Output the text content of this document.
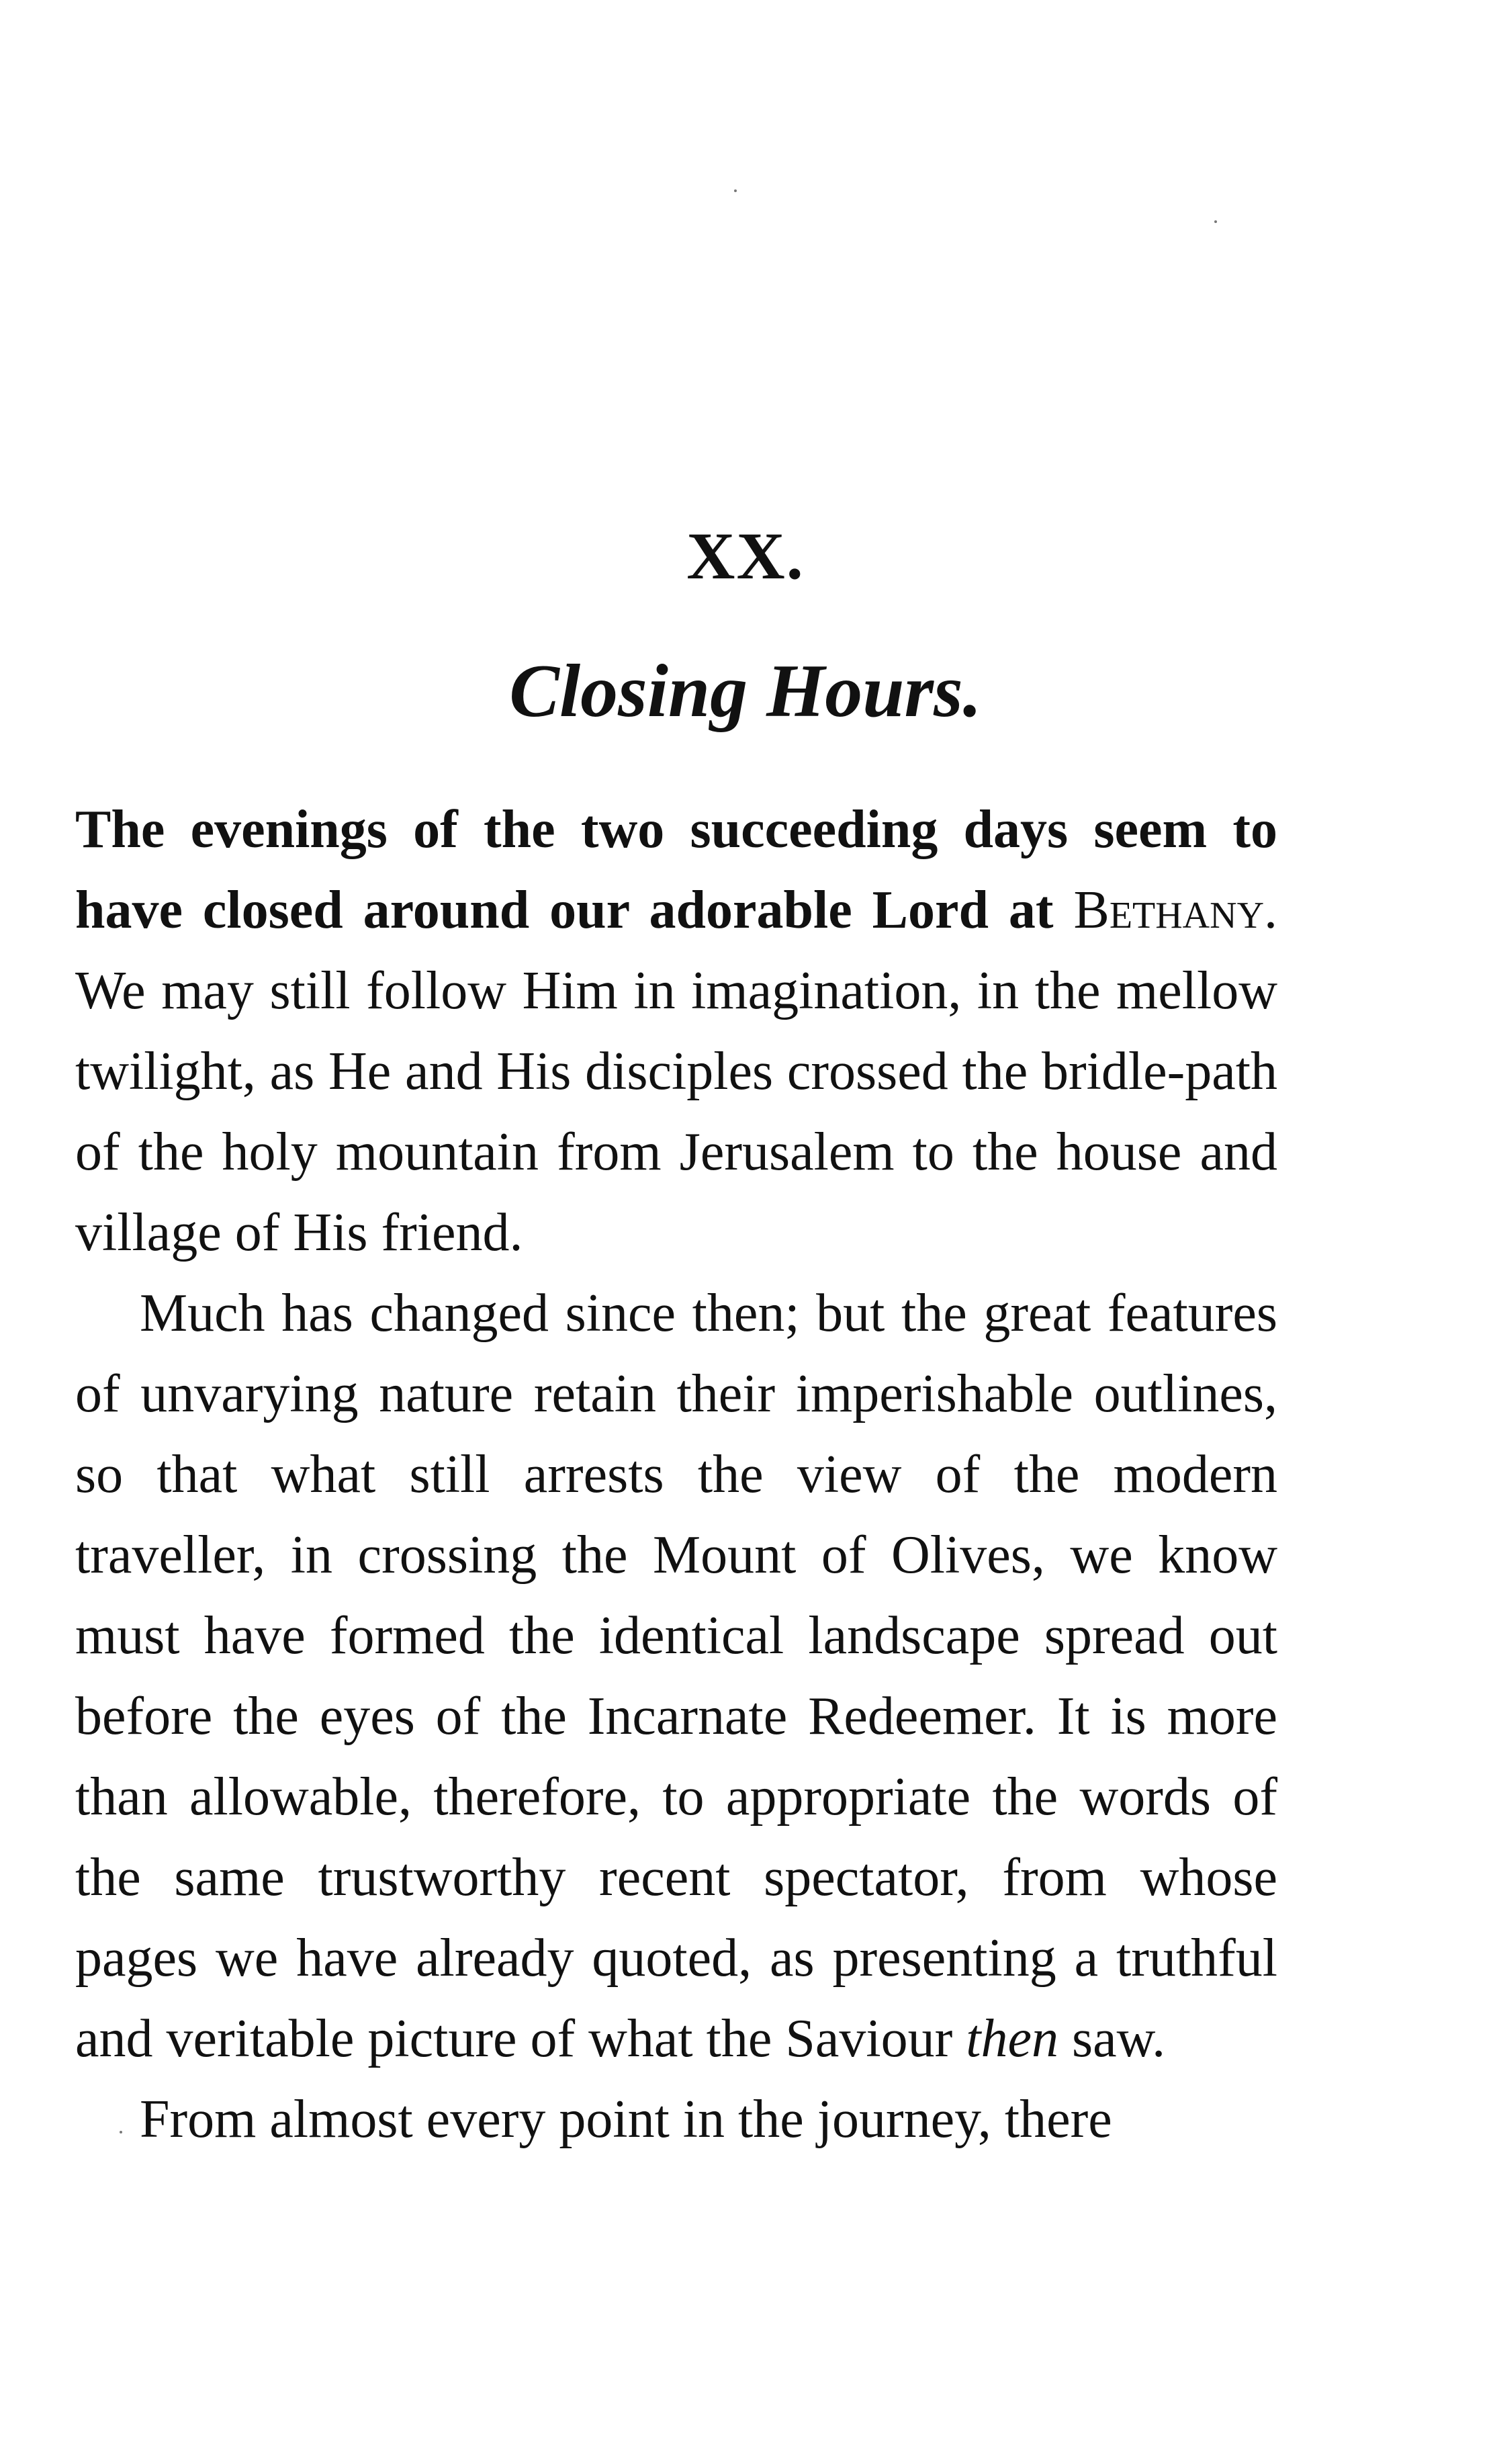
XX.
Closing Hours.

The evenings of the two succeeding days seem to have closed around our adorable Lord at Bethany. We may still follow Him in imagination, in the mellow twilight, as He and His disciples crossed the bridle-path of the holy mountain from Jerusalem to the house and village of His friend.

Much has changed since then; but the great features of unvarying nature retain their imperishable outlines, so that what still arrests the view of the modern traveller, in crossing the Mount of Olives, we know must have formed the identical landscape spread out before the eyes of the Incarnate Redeemer. It is more than allowable, therefore, to appropriate the words of the same trustworthy recent spectator, from whose pages we have already quoted, as presenting a truthful and veritable picture of what the Saviour then saw.

From almost every point in the journey, there
